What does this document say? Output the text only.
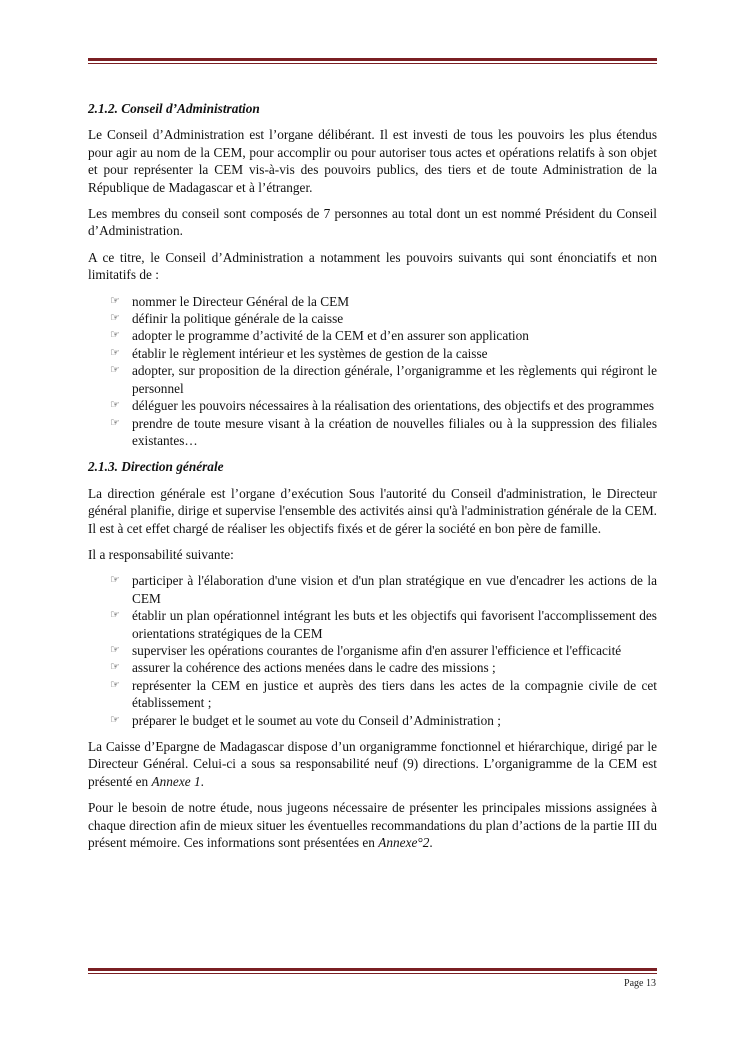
2.1.2. Conseil d’Administration

Le Conseil d’Administration est l’organe délibérant. Il est investi de tous les pouvoirs les plus étendus pour agir au nom de la CEM, pour accomplir ou pour autoriser tous actes et opérations relatifs à son objet et pour représenter la CEM vis-à-vis des pouvoirs publics, des tiers et de toute Administration de la République de Madagascar et à l’étranger.

Les membres du conseil sont composés de 7 personnes au total dont un est nommé Président du Conseil d’Administration.

A ce titre, le Conseil d’Administration a notamment les pouvoirs suivants qui sont énonciatifs et non limitatifs de :

☞ nommer le Directeur Général de la CEM
☞ définir la politique générale de la caisse
☞ adopter le programme d’activité de la CEM et d’en assurer son application
☞ établir le règlement intérieur et les systèmes de gestion de la caisse
☞ adopter, sur proposition de la direction générale, l’organigramme et les règlements qui régiront le personnel
☞ déléguer les pouvoirs nécessaires à la réalisation des orientations, des objectifs et des programmes
☞ prendre de toute mesure visant à la création de nouvelles filiales ou à la suppression des filiales existantes…
2.1.3. Direction générale

La direction générale est l’organe d’exécution Sous l'autorité du Conseil d'administration, le Directeur général planifie, dirige et supervise l'ensemble des activités ainsi qu'à l'administration générale de la CEM. Il est à cet effet chargé de réaliser les objectifs fixés et de gérer la société en bon père de famille.

Il a responsabilité suivante:

☞ participer à l'élaboration d'une vision et d'un plan stratégique en vue d'encadrer les actions de la CEM
☞ établir un plan opérationnel intégrant les buts et les objectifs qui favorisent l'accomplissement des orientations stratégiques de la CEM
☞ superviser les opérations courantes de l'organisme afin d'en assurer l'efficience et l'efficacité
☞ assurer la cohérence des actions menées dans le cadre des missions ;
☞ représenter la CEM en justice et auprès des tiers dans les actes de la compagnie civile de cet établissement ;
☞ préparer le budget et le soumet au vote du Conseil d’Administration ;

La Caisse d’Epargne de Madagascar dispose d’un organigramme fonctionnel et hiérarchique, dirigé par le Directeur Général. Celui-ci a sous sa responsabilité neuf (9) directions. L’organigramme de la CEM est présenté en Annexe 1.

Pour le besoin de notre étude, nous jugeons nécessaire de présenter les principales missions assignées à chaque direction afin de mieux situer les éventuelles recommandations du plan d’actions de la partie III du présent mémoire. Ces informations sont présentées en Annexe°2.

Page 13
